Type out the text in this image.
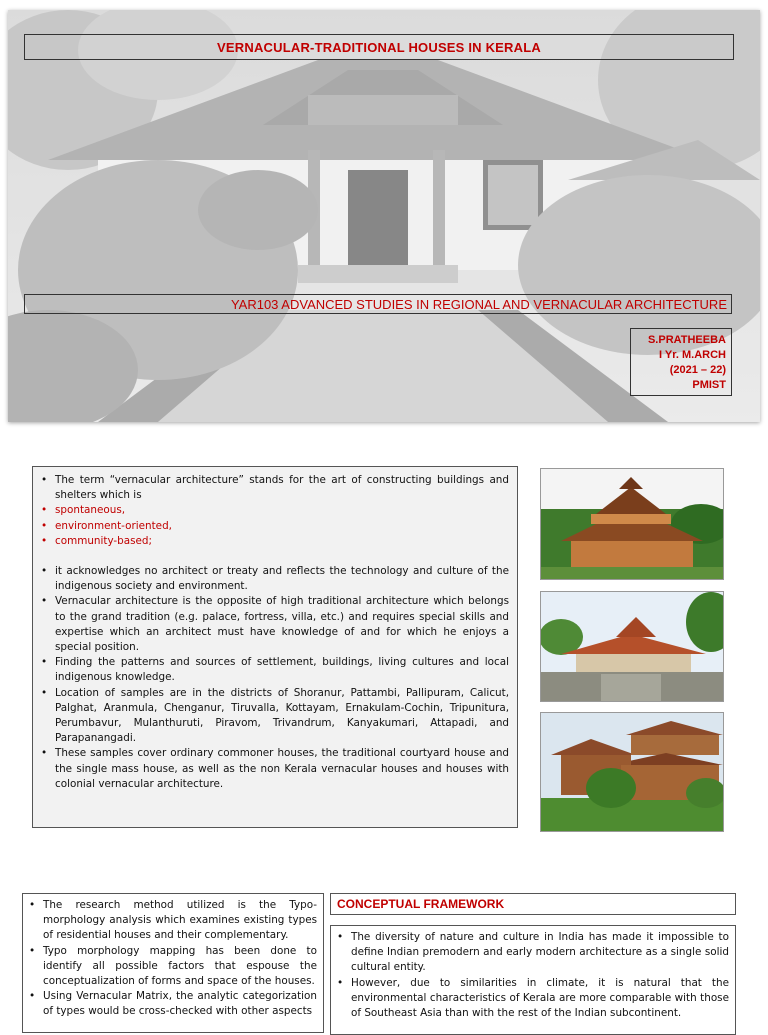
VERNACULAR-TRADITIONAL HOUSES IN KERALA
YAR103 ADVANCED STUDIES IN REGIONAL AND VERNACULAR ARCHITECTURE
S.PRATHEEBA
I Yr. M.ARCH
(2021 – 22)
PMIST
• The term “vernacular architecture” stands for the art of constructing buildings and shelters which is
• spontaneous,
• environment-oriented,
• community-based;
• it acknowledges no architect or treaty and reflects the technology and culture of the indigenous society and environment.
• Vernacular architecture is the opposite of high traditional architecture which belongs to the grand tradition (e.g. palace, fortress, villa, etc.) and requires special skills and expertise which an architect must have knowledge of and for which he enjoys a special position.
• Finding the patterns and sources of settlement, buildings, living cultures and local indigenous knowledge.
• Location of samples are in the districts of Shoranur, Pattambi, Pallipuram, Calicut, Palghat, Aranmula, Chenganur, Tiruvalla, Kottayam, Ernakulam-Cochin, Tripunitura, Perumbavur, Mulanthuruti, Piravom, Trivandrum, Kanyakumari, Attapadi, and Parapanangadi.
• These samples cover ordinary commoner houses, the traditional courtyard house and the single mass house, as well as the non Kerala vernacular houses and houses with colonial vernacular architecture.
• The research method utilized is the Typo-morphology analysis which examines existing types of residential houses and their complementary.
• Typo morphology mapping has been done to identify all possible factors that espouse the conceptualization of forms and space of the houses.
• Using Vernacular Matrix, the analytic categorization of types would be cross-checked with other aspects
CONCEPTUAL FRAMEWORK
• The diversity of nature and culture in India has made it impossible to define Indian premodern and early modern architecture as a single solid cultural entity.
• However, due to similarities in climate, it is natural that the environmental characteristics of Kerala are more comparable with those of Southeast Asia than with the rest of the Indian subcontinent.
